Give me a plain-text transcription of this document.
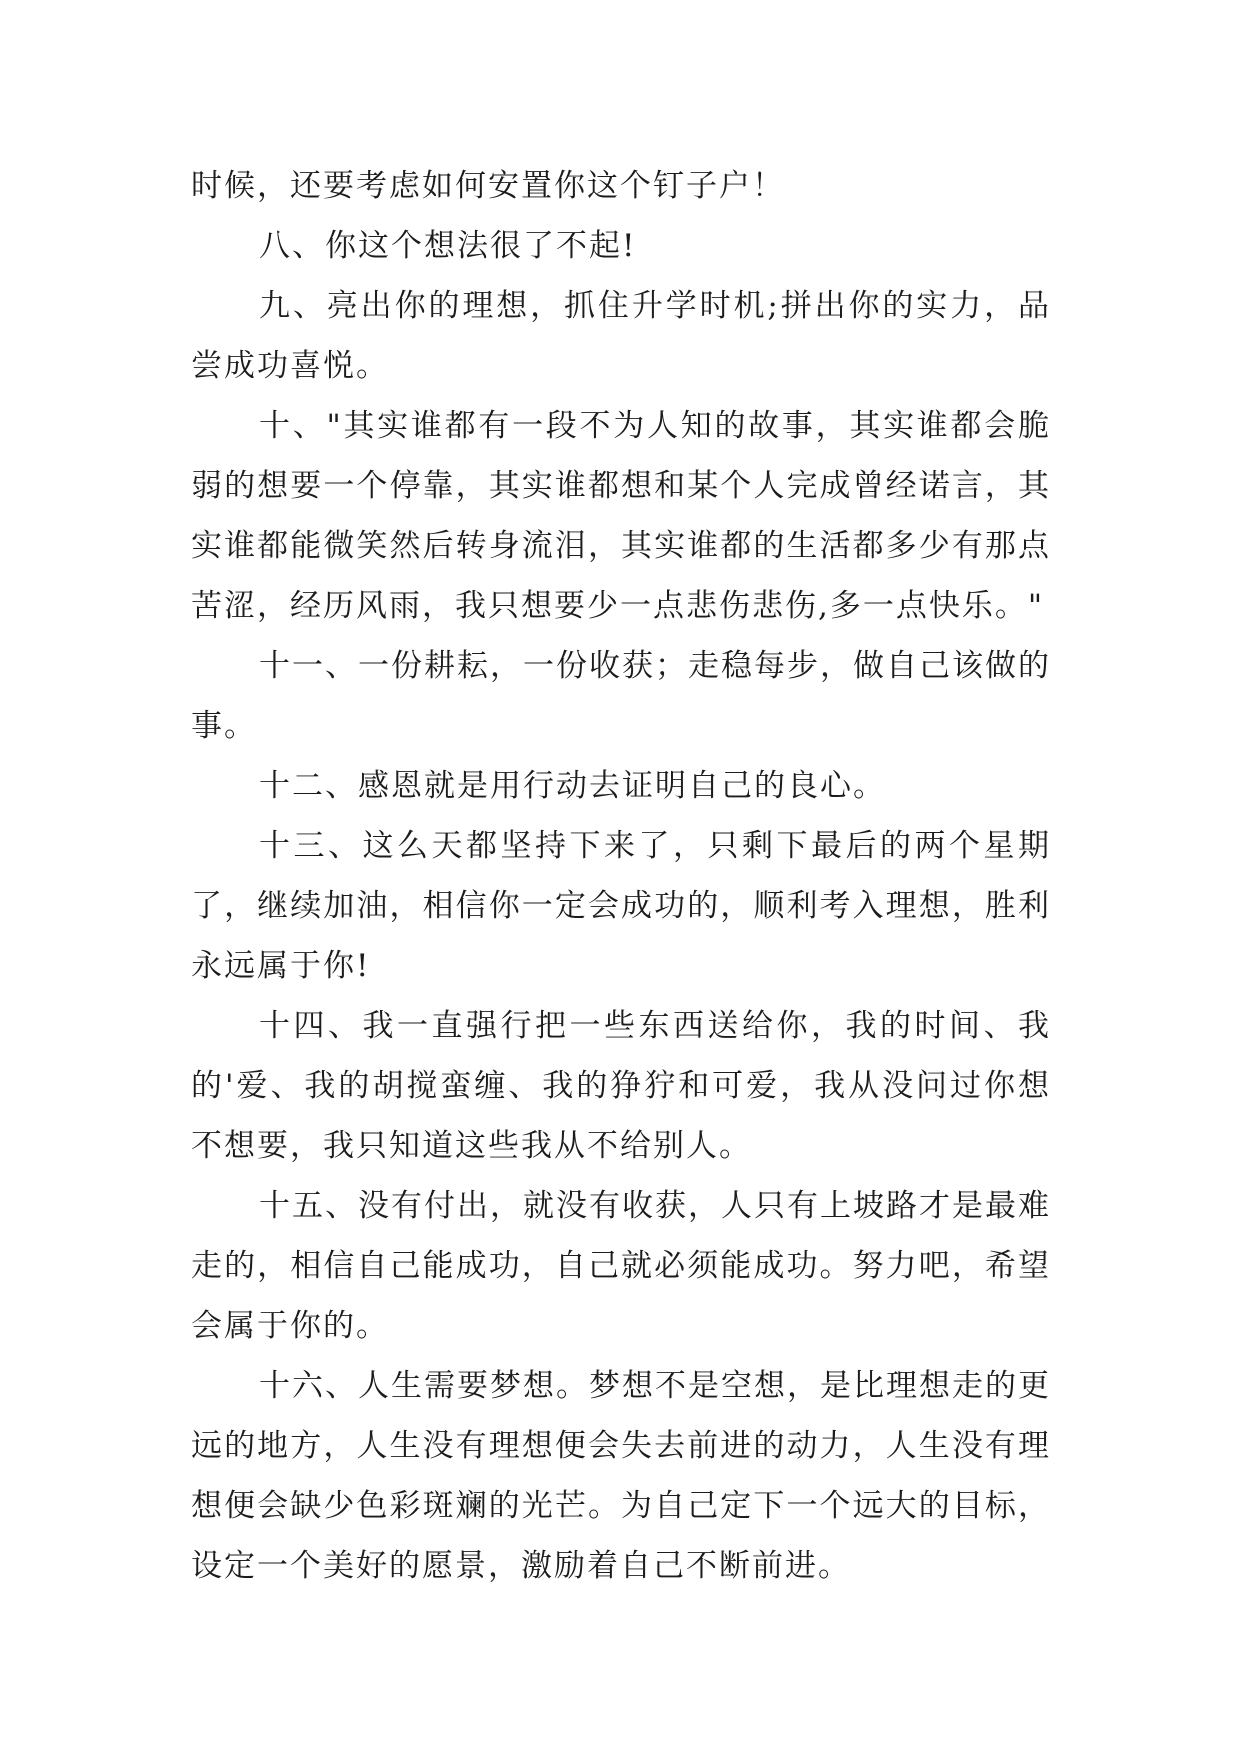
时候，还要考虑如何安置你这个钉子户！

八、你这个想法很了不起!

九、亮出你的理想，抓住升学时机;拼出你的实力，品尝成功喜悦。

十、"其实谁都有一段不为人知的故事，其实谁都会脆弱的想要一个停靠，其实谁都想和某个人完成曾经诺言，其实谁都能微笑然后转身流泪，其实谁都的生活都多少有那点苦涩，经历风雨，我只想要少一点悲伤悲伤,多一点快乐。"

十一、一份耕耘，一份收获；走稳每步，做自己该做的事。

十二、感恩就是用行动去证明自己的良心。

十三、这么天都坚持下来了，只剩下最后的两个星期了，继续加油，相信你一定会成功的，顺利考入理想，胜利永远属于你!

十四、我一直强行把一些东西送给你，我的时间、我的'爱、我的胡搅蛮缠、我的狰狞和可爱，我从没问过你想不想要，我只知道这些我从不给别人。

十五、没有付出，就没有收获，人只有上坡路才是最难走的，相信自己能成功，自己就必须能成功。努力吧，希望会属于你的。

十六、人生需要梦想。梦想不是空想，是比理想走的更远的地方，人生没有理想便会失去前进的动力，人生没有理想便会缺少色彩斑斓的光芒。为自己定下一个远大的目标，设定一个美好的愿景，激励着自己不断前进。
